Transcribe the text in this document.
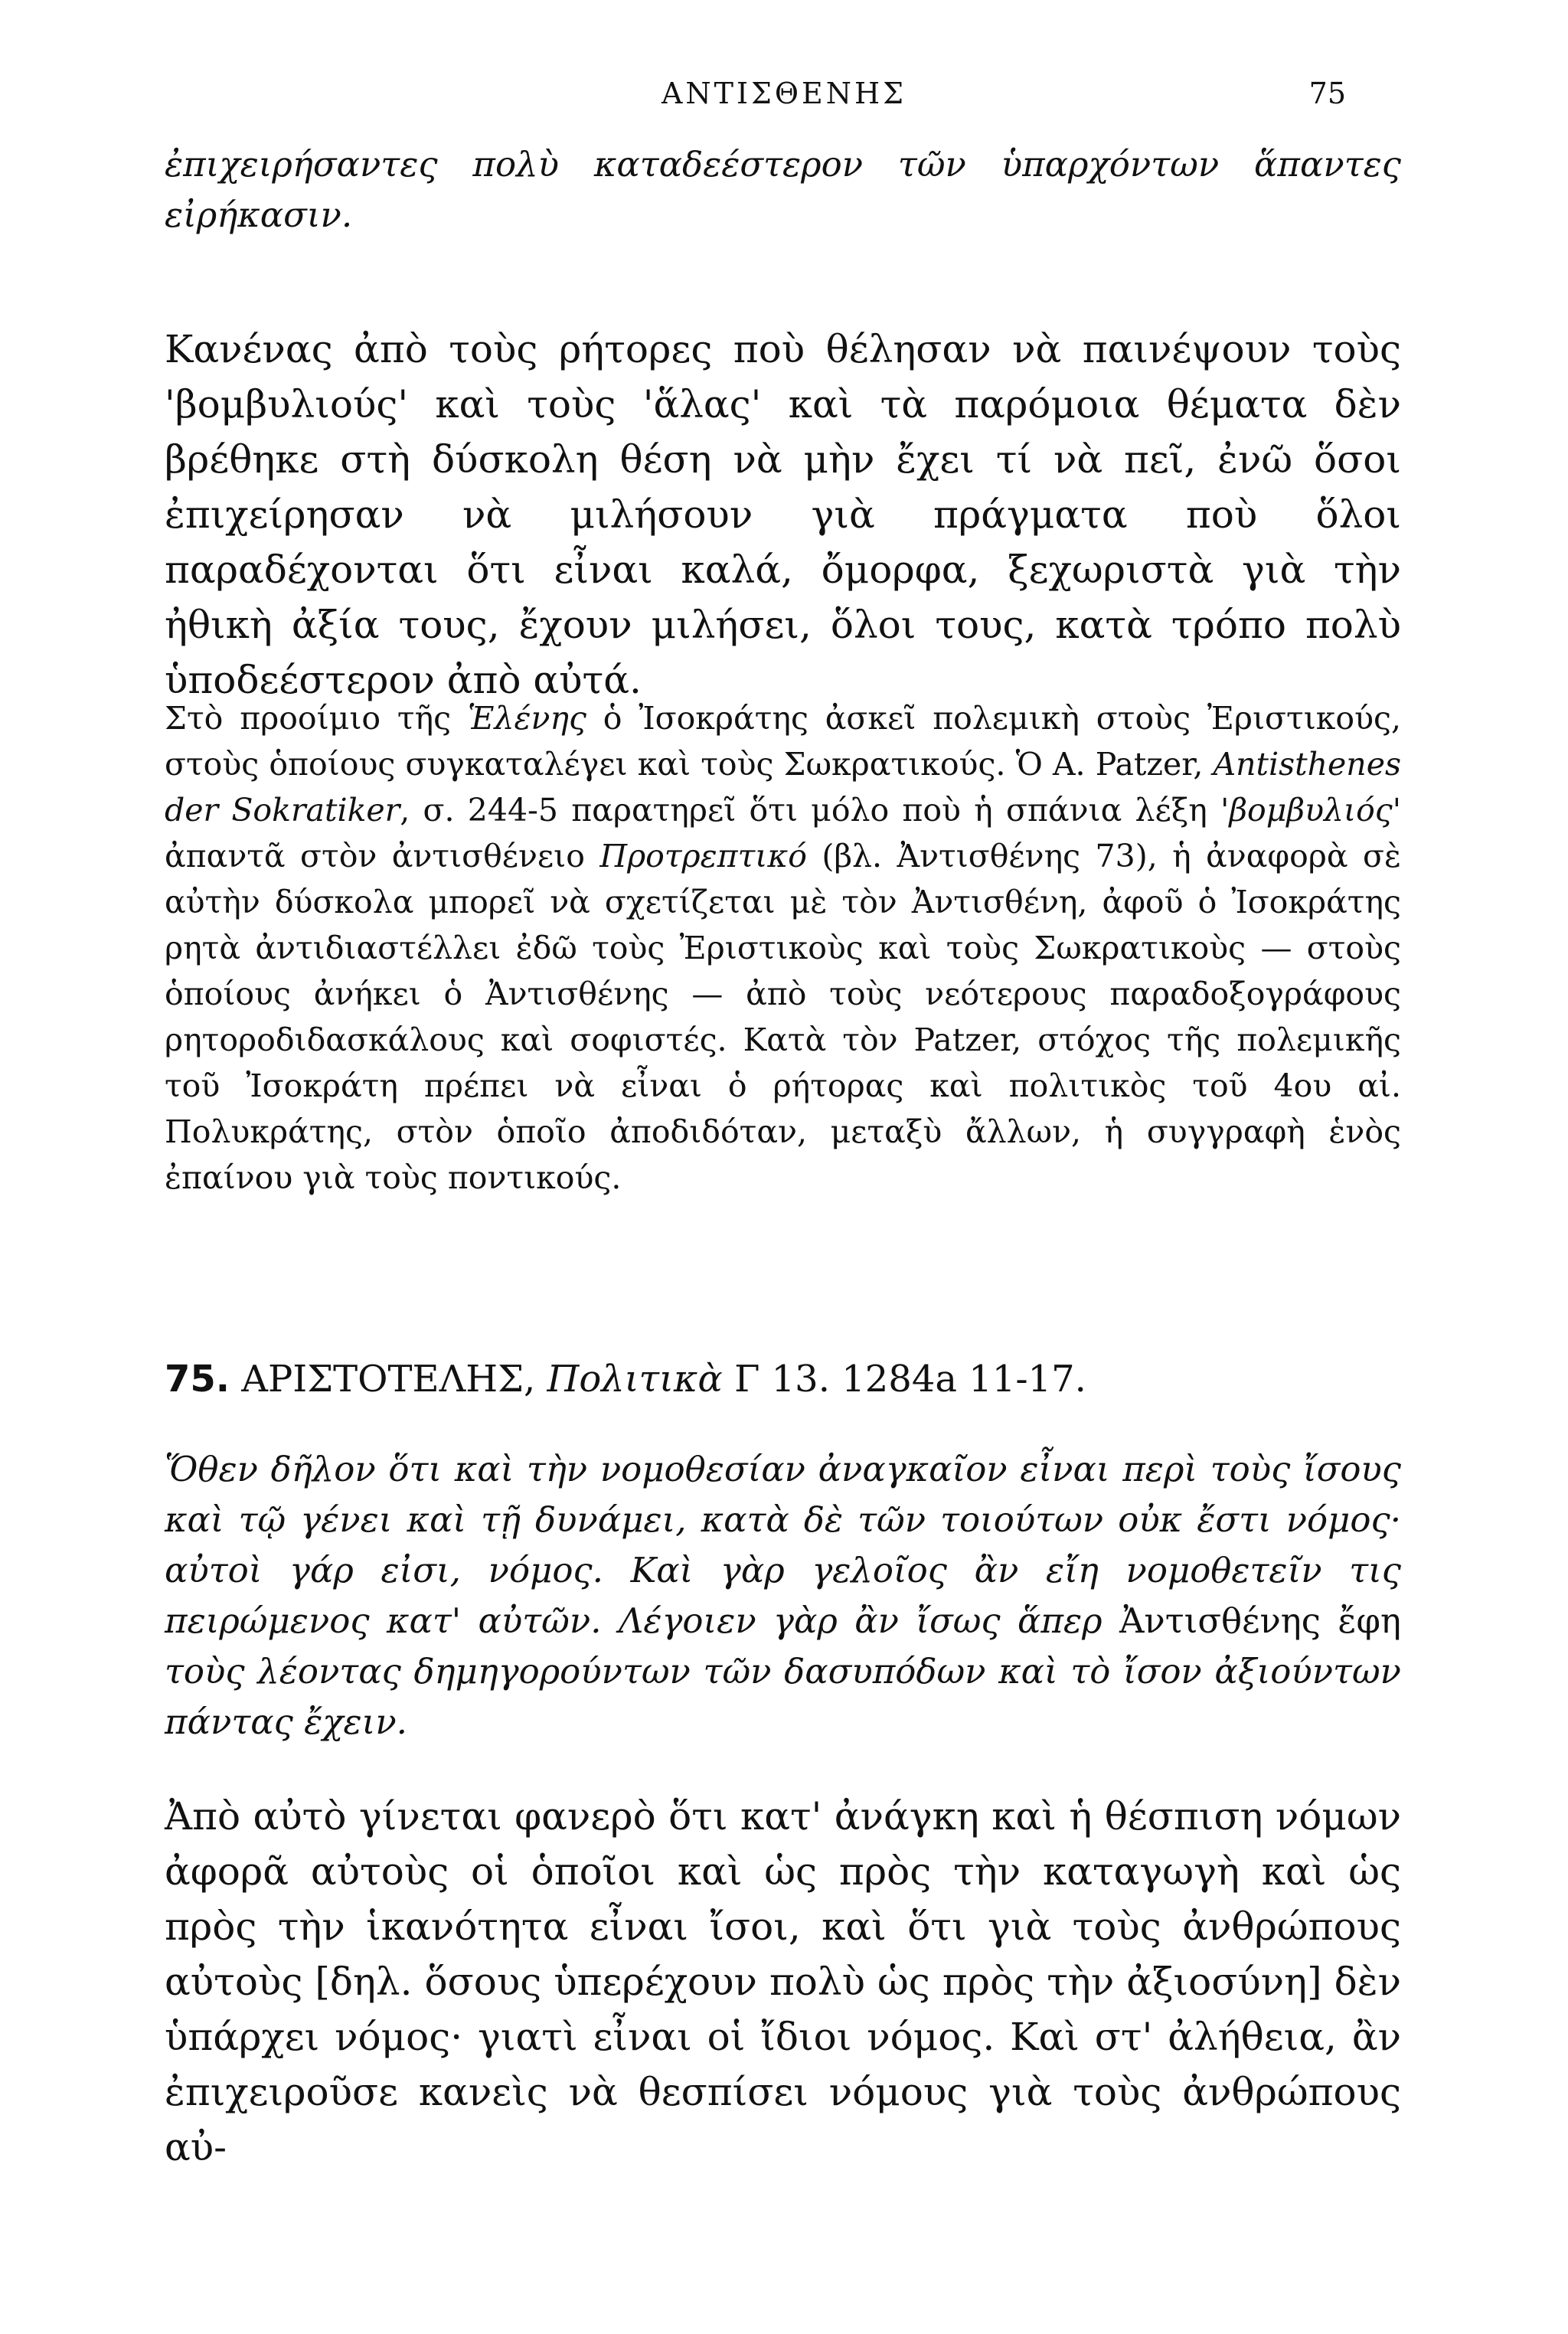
ΑΝΤΙΣΘΕΝΗΣ	75

ἐπιχειρήσαντες πολὺ καταδεέστερον τῶν ὑπαρχόντων ἅπαντες εἰρήκασιν.

Κανένας ἀπὸ τοὺς ρήτορες ποὺ θέλησαν νὰ παινέψουν τοὺς 'βομβυλιούς' καὶ τοὺς 'ἅλας' καὶ τὰ παρόμοια θέματα δὲν βρέθηκε στὴ δύσκολη θέση νὰ μὴν ἔχει τί νὰ πεῖ, ἐνῶ ὅσοι ἐπιχείρησαν νὰ μιλήσουν γιὰ πράγματα ποὺ ὅλοι παραδέχονται ὅτι εἶναι καλά, ὄμορφα, ξεχωριστὰ γιὰ τὴν ἠθικὴ ἀξία τους, ἔχουν μιλήσει, ὅλοι τους, κατὰ τρόπο πολὺ ὑποδεέστερον ἀπὸ αὐτά.

Στὸ προοίμιο τῆς Ἑλένης ὁ Ἰσοκράτης ἀσκεῖ πολεμικὴ στοὺς Ἐριστικούς, στοὺς ὁποίους συγκαταλέγει καὶ τοὺς Σωκρατικούς. Ὁ A. Patzer, Antisthenes der Sokratiker, σ. 244-5 παρατηρεῖ ὅτι μόλο ποὺ ἡ σπάνια λέξη 'βομβυλιός' ἀπαντᾶ στὸν ἀντισθένειο Προτρεπτικό (βλ. Ἀντισθένης 73), ἡ ἀναφορὰ σὲ αὐτὴν δύσκολα μπορεῖ νὰ σχετίζεται μὲ τὸν Ἀντισθένη, ἀφοῦ ὁ Ἰσοκράτης ρητὰ ἀντιδιαστέλλει ἐδῶ τοὺς Ἐριστικοὺς καὶ τοὺς Σωκρατικοὺς — στοὺς ὁποίους ἀνήκει ὁ Ἀντισθένης — ἀπὸ τοὺς νεότερους παραδοξογράφους ρητοροδιδασκάλους καὶ σοφιστές. Κατὰ τὸν Patzer, στόχος τῆς πολεμικῆς τοῦ Ἰσοκράτη πρέπει νὰ εἶναι ὁ ρήτορας καὶ πολιτικὸς τοῦ 4ου αἰ. Πολυκράτης, στὸν ὁποῖο ἀποδιδόταν, μεταξὺ ἄλλων, ἡ συγγραφὴ ἑνὸς ἐπαίνου γιὰ τοὺς ποντικούς.

75. ΑΡΙΣΤΟΤΕΛΗΣ, Πολιτικὰ Γ 13. 1284a 11-17.

Ὅθεν δῆλον ὅτι καὶ τὴν νομοθεσίαν ἀναγκαῖον εἶναι περὶ τοὺς ἴσους καὶ τῷ γένει καὶ τῇ δυνάμει, κατὰ δὲ τῶν τοιούτων οὐκ ἔστι νόμος· αὐτοὶ γάρ εἰσι, νόμος. Καὶ γὰρ γελοῖος ἂν εἴη νομοθετεῖν τις πειρώμενος κατ' αὐτῶν. Λέγοιεν γὰρ ἂν ἴσως ἅπερ Ἀντισθένης ἔφη τοὺς λέοντας δημηγορούντων τῶν δασυπόδων καὶ τὸ ἴσον ἀξιούντων πάντας ἔχειν.

Ἀπὸ αὐτὸ γίνεται φανερὸ ὅτι κατ' ἀνάγκη καὶ ἡ θέσπιση νόμων ἀφορᾶ αὐτοὺς οἱ ὁποῖοι καὶ ὡς πρὸς τὴν καταγωγὴ καὶ ὡς πρὸς τὴν ἱκανότητα εἶναι ἴσοι, καὶ ὅτι γιὰ τοὺς ἀνθρώπους αὐτοὺς [δηλ. ὅσους ὑπερέχουν πολὺ ὡς πρὸς τὴν ἀξιοσύνη] δὲν ὑπάρχει νόμος· γιατὶ εἶναι οἱ ἴδιοι νόμος. Καὶ στ' ἀλήθεια, ἂν ἐπιχειροῦσε κανεὶς νὰ θεσπίσει νόμους γιὰ τοὺς ἀνθρώπους αὐ-
